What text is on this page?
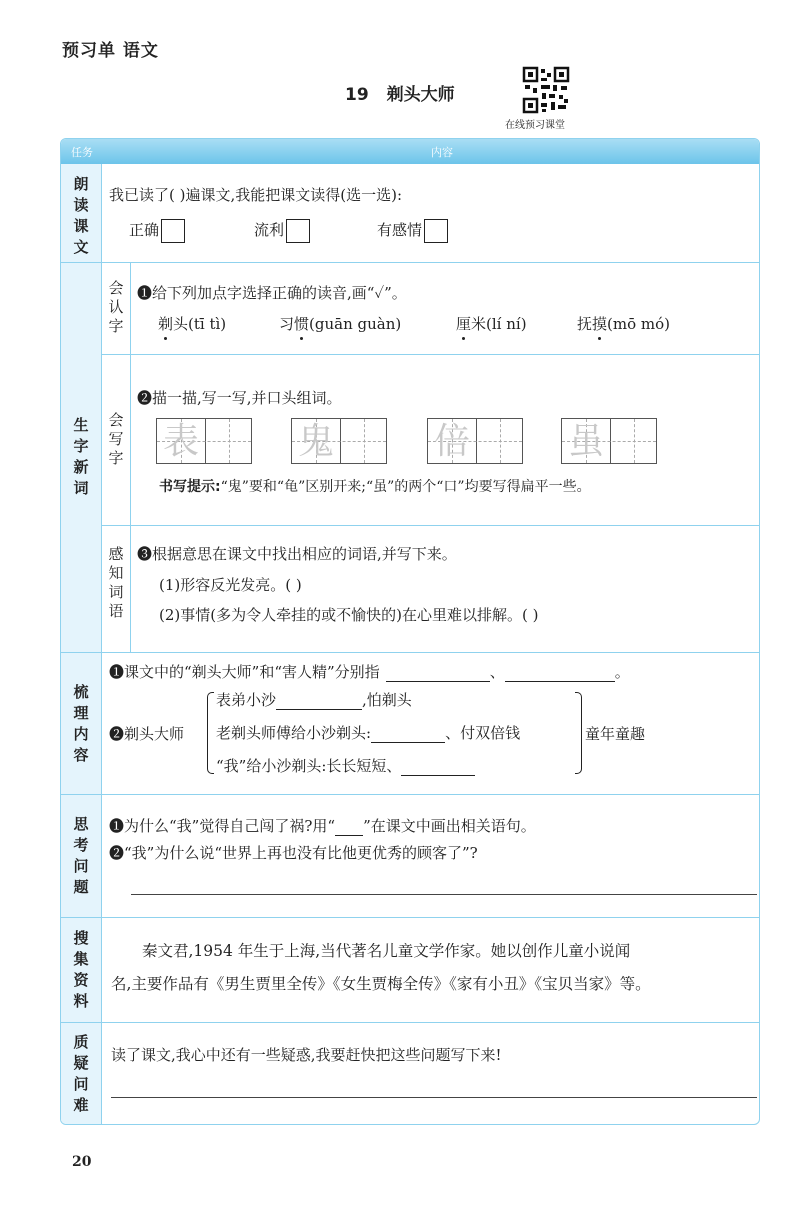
预习单 语文
19 剃头大师
在线预习课堂
任务	内容
朗
读
课
文
我已读了( )遍课文,我能把课文读得(选一选):
正确	流利	有感情
生
字
新
词
会
认
字
❶给下列加点字选择正确的读音,画“✓”。
剃头(tī tì)	习惯(guān guàn)	厘米(lí ní)	抚摸(mō mó)
会
写
字
❷描一描,写一写,并口头组词。
表	鬼	倍	虽
书写提示:“鬼”要和“龟”区别开来;“虽”的两个“口”均要写得扁平一些。
感
知
词
语
❸根据意思在课文中找出相应的词语,并写下来。
(1)形容反光发亮。( )
(2)事情(多为令人牵挂的或不愉快的)在心里难以排解。( )
梳
理
内
容
❶课文中的“剃头大师”和“害人精”分别指	、	。
❷剃头大师
表弟小沙	,怕剃头
老剃头师傅给小沙剃头:	、付双倍钱
“我”给小沙剃头:长长短短、
童年童趣
思
考
问
题
❶为什么“我”觉得自己闯了祸?用“ ”在课文中画出相关语句。
❷“我”为什么说“世界上再也没有比他更优秀的顾客了”?
搜
集
资
料
秦文君,1954 年生于上海,当代著名儿童文学作家。她以创作儿童小说闻
名,主要作品有《男生贾里全传》《女生贾梅全传》《家有小丑》《宝贝当家》等。
质
疑
问
难
读了课文,我心中还有一些疑惑,我要赶快把这些问题写下来!
20
